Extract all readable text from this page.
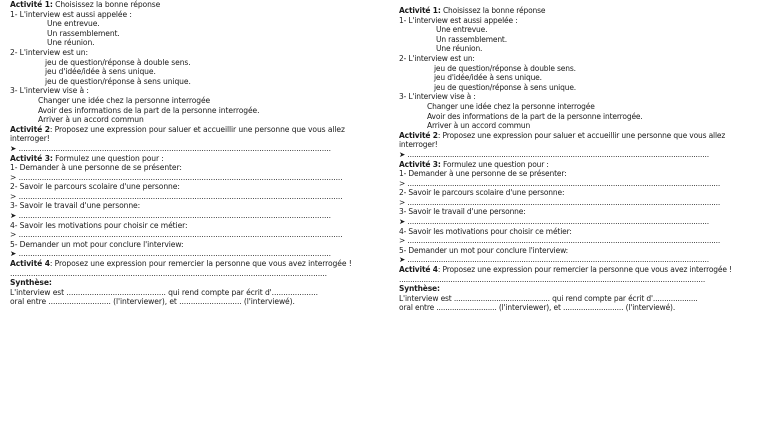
Activité 1: Choisissez la bonne réponse
1- L'interview est aussi appelée :
Une entrevue.
Un rassemblement.
Une réunion.
2- L'interview est un:
jeu de question/réponse à double sens.
jeu d'idée/idée à sens unique.
jeu de question/réponse à sens unique.
3- L'interview vise à :
Changer une idée chez la personne interrogée
Avoir des informations de la part de la personne interrogée.
Arriver à un accord commun
Activité 2: Proposez une expression pour saluer et accueillir une personne que vous allez interroger!
➤ .......................................................................................................................................
Activité 3: Formulez une question pour :
1- Demander à une personne de se présenter:
> ............................................................................................................................................
2- Savoir le parcours scolaire d'une personne:
> ............................................................................................................................................
3- Savoir le travail d'une personne:
➤ .......................................................................................................................................
4- Savoir les motivations pour choisir ce métier:
> ............................................................................................................................................
5- Demander un mot pour conclure l'interview:
➤ .......................................................................................................................................
Activité 4: Proposez une expression pour remercier la personne que vous avez interrogée !
.........................................................................................................................................
Synthèse:
L'interview est ........................................... qui rend compte par écrit d'....................
oral entre ........................... (l'interviewer), et ........................... (l'interviewé).
Activité 1: Choisissez la bonne réponse
1- L'interview est aussi appelée :
Une entrevue.
Un rassemblement.
Une réunion.
2- L'interview est un:
jeu de question/réponse à double sens.
jeu d'idée/idée à sens unique.
jeu de question/réponse à sens unique.
3- L'interview vise à :
Changer une idée chez la personne interrogée
Avoir des informations de la part de la personne interrogée.
Arriver à un accord commun
Activité 2: Proposez une expression pour saluer et accueillir une personne que vous allez interroger!
➤ .......................................................................................................................................
Activité 3: Formulez une question pour :
1- Demander à une personne de se présenter:
> ............................................................................................................................................
2- Savoir le parcours scolaire d'une personne:
> ............................................................................................................................................
3- Savoir le travail d'une personne:
➤ .......................................................................................................................................
4- Savoir les motivations pour choisir ce métier:
> ............................................................................................................................................
5- Demander un mot pour conclure l'interview:
➤ .......................................................................................................................................
Activité 4: Proposez une expression pour remercier la personne que vous avez interrogée !
.........................................................................................................................................
Synthèse:
L'interview est ........................................... qui rend compte par écrit d'....................
oral entre ........................... (l'interviewer), et ........................... (l'interviewé).
